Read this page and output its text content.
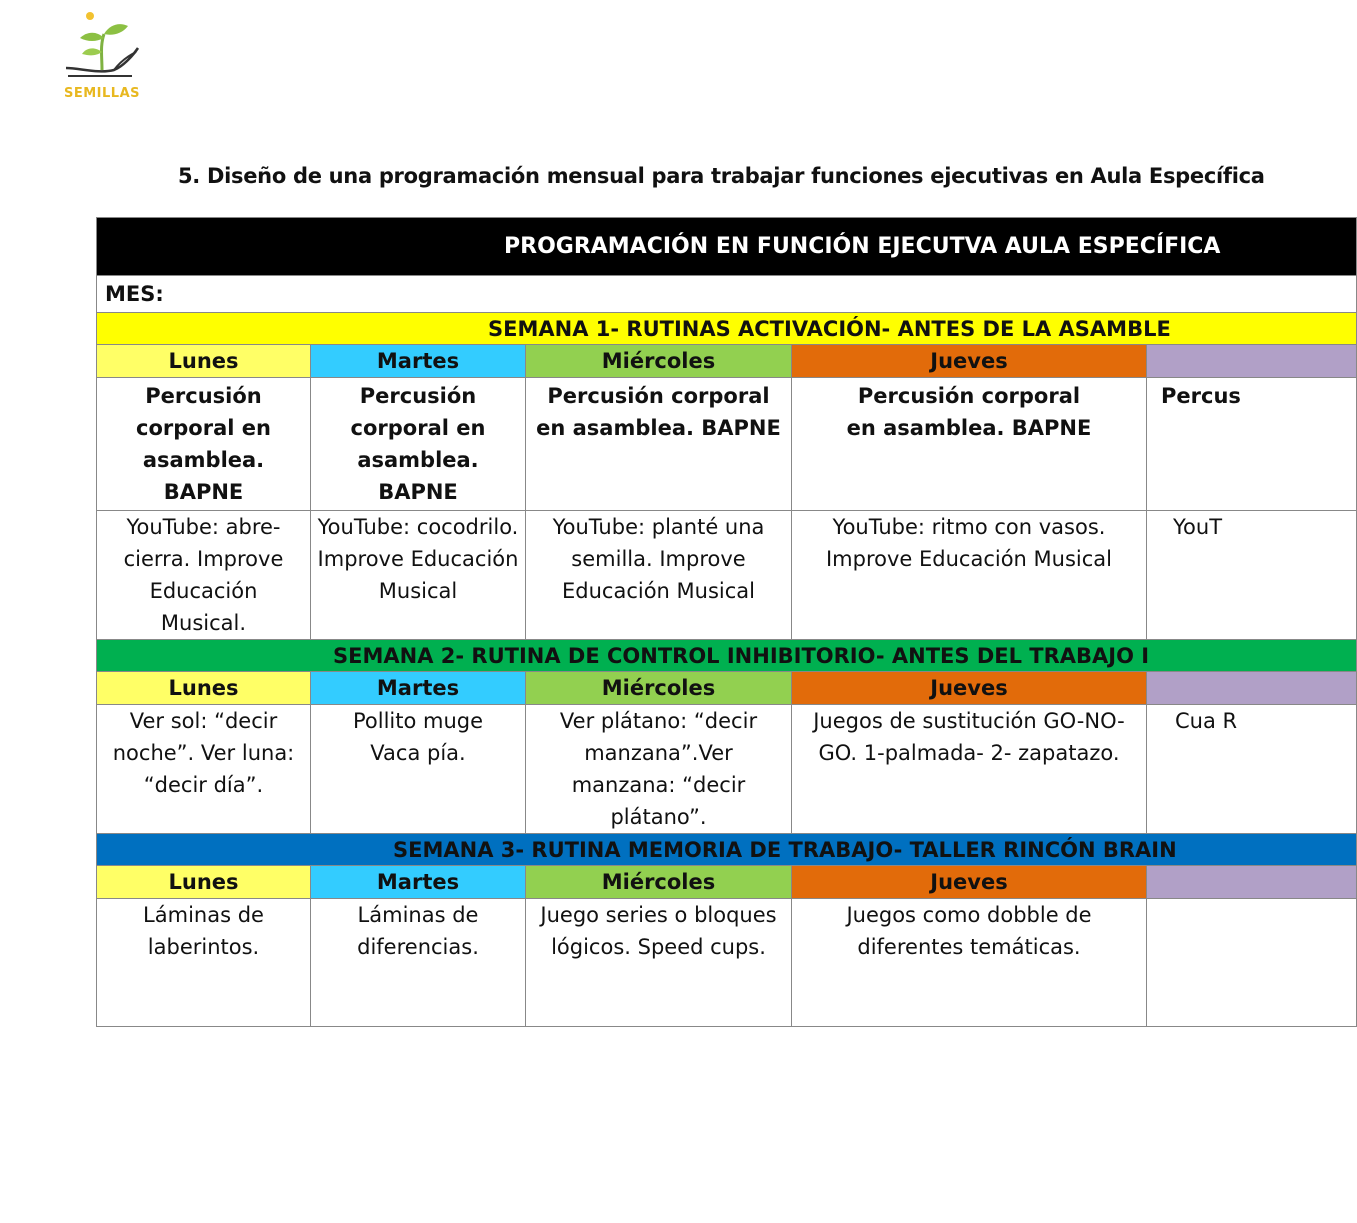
SEMILLAS
5. Diseño de una programación mensual para trabajar funciones ejecutivas en Aula Específica
PROGRAMACIÓN EN FUNCIÓN EJECUTVA AULA ESPECÍFICA				
MES:				
SEMANA 1- RUTINAS ACTIVACIÓN- ANTES DE LA ASAMBLE				
Lunes	Martes	Miércoles	Jueves	
Percusión corporal en asamblea. BAPNE	Percusión corporal en asamblea. BAPNE	Percusión corporal en asamblea. BAPNE	Percusión corporal en asamblea. BAPNE	Percus
YouTube: abre-cierra. Improve Educación Musical.	YouTube: cocodrilo. Improve Educación Musical	YouTube: planté una semilla. Improve Educación Musical	YouTube: ritmo con vasos. Improve Educación Musical	YouT
SEMANA 2- RUTINA DE CONTROL INHIBITORIO- ANTES DEL TRABAJO I				
Lunes	Martes	Miércoles	Jueves	
Ver sol: “decir noche”. Ver luna: “decir día”.	Pollito muge Vaca pía.	Ver plátano: “decir manzana”.Ver manzana: “decir plátano”.	Juegos de sustitución GO-NO-GO. 1-palmada- 2- zapatazo.	Cua R
SEMANA 3- RUTINA MEMORIA DE TRABAJO- TALLER RINCÓN BRAIN				
Lunes	Martes	Miércoles	Jueves	
Láminas de laberintos.	Láminas de diferencias.	Juego series o bloques lógicos. Speed cups.	Juegos como dobble de diferentes temáticas.	
